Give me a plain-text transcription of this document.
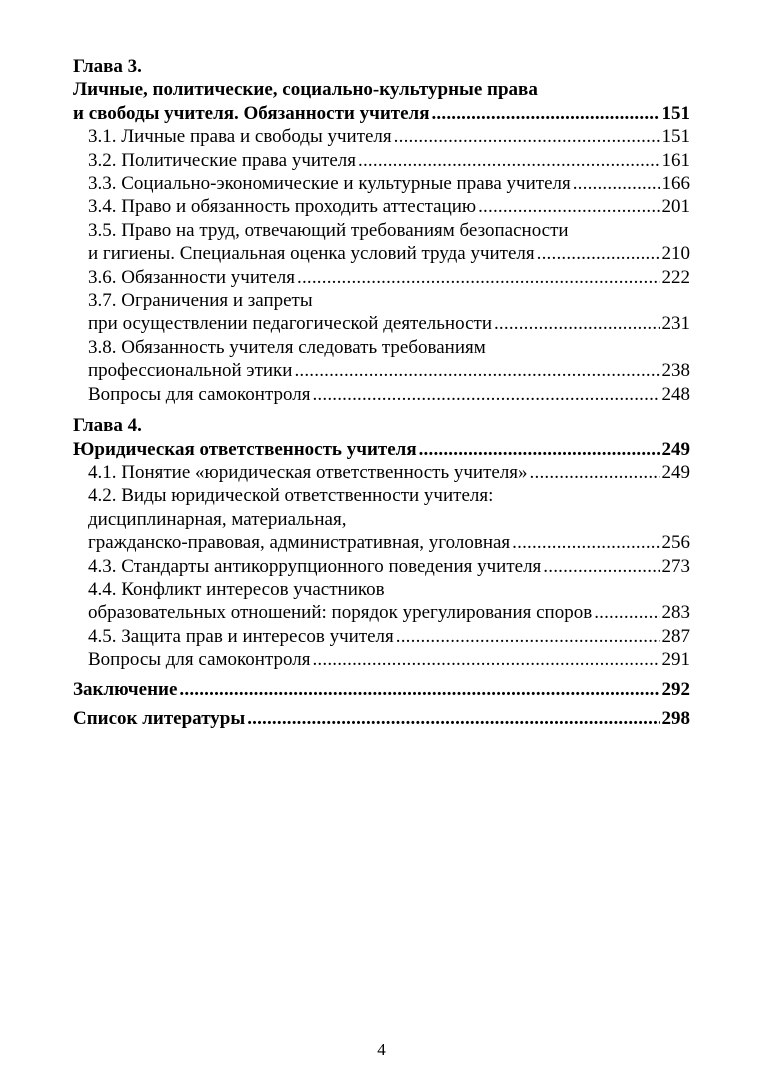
Глава 3.
Личные, политические, социально-культурные права
и свободы учителя. Обязанности учителя .....	151
3.1. Личные права и свободы учителя .....	151
3.2. Политические права учителя .....	161
3.3. Социально-экономические и культурные права учителя .....	166
3.4. Право и обязанность проходить аттестацию .....	201
3.5. Право на труд, отвечающий требованиям безопасности
и гигиены. Специальная оценка условий труда учителя .....	210
3.6. Обязанности учителя .....	222
3.7. Ограничения и запреты
при осуществлении педагогической деятельности .....	231
3.8. Обязанность учителя следовать требованиям
профессиональной этики .....	238
Вопросы для самоконтроля .....	248
Глава 4.
Юридическая ответственность учителя .....	249
4.1. Понятие «юридическая ответственность учителя» .....	249
4.2. Виды юридической ответственности учителя:
дисциплинарная, материальная,
гражданско-правовая, административная, уголовная .....	256
4.3. Стандарты антикоррупционного поведения учителя .....	273
4.4. Конфликт интересов участников
образовательных отношений: порядок урегулирования споров .....	283
4.5. Защита прав и интересов учителя .....	287
Вопросы для самоконтроля .....	291
Заключение .....	292
Список литературы .....	298
4
